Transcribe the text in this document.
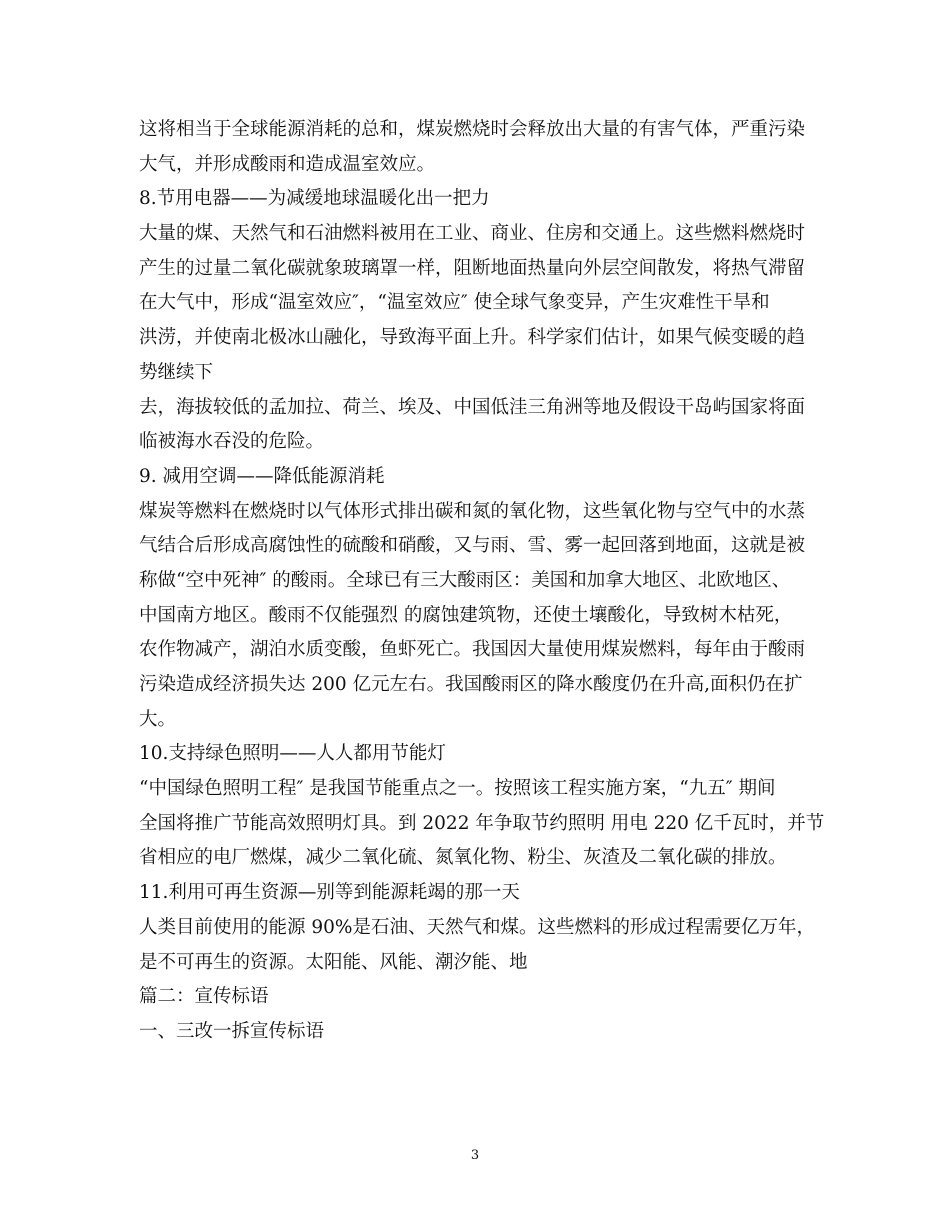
这将相当于全球能源消耗的总和，煤炭燃烧时会释放出大量的有害气体，严重污染
大气，并形成酸雨和造成温室效应。
8.节用电器——为减缓地球温暖化出一把力
大量的煤、天然气和石油燃料被用在工业、商业、住房和交通上。这些燃料燃烧时
产生的过量二氧化碳就象玻璃罩一样，阻断地面热量向外层空间散发，将热气滞留
在大气中，形成“温室效应″，“温室效应″ 使全球气象变异，产生灾难性干旱和
洪涝，并使南北极冰山融化，导致海平面上升。科学家们估计，如果气候变暖的趋
势继续下
去，海拔较低的孟加拉、荷兰、埃及、中国低洼三角洲等地及假设干岛屿国家将面
临被海水吞没的危险。
9. 减用空调——降低能源消耗
煤炭等燃料在燃烧时以气体形式排出碳和氮的氧化物，这些氧化物与空气中的水蒸
气结合后形成高腐蚀性的硫酸和硝酸，又与雨、雪、雾一起回落到地面，这就是被
称做“空中死神″ 的酸雨。全球已有三大酸雨区：美国和加拿大地区、北欧地区、
中国南方地区。酸雨不仅能强烈 的腐蚀建筑物，还使土壤酸化，导致树木枯死，
农作物减产，湖泊水质变酸，鱼虾死亡。我国因大量使用煤炭燃料，每年由于酸雨
污染造成经济损失达 200 亿元左右。我国酸雨区的降水酸度仍在升高,面积仍在扩
大。
10.支持绿色照明——人人都用节能灯
“中国绿色照明工程″ 是我国节能重点之一。按照该工程实施方案，“九五″ 期间
全国将推广节能高效照明灯具。到 2022 年争取节约照明 用电 220 亿千瓦时，并节
省相应的电厂燃煤，减少二氧化硫、氮氧化物、粉尘、灰渣及二氧化碳的排放。
11.利用可再生资源—别等到能源耗竭的那一天
人类目前使用的能源 90%是石油、天然气和煤。这些燃料的形成过程需要亿万年，
是不可再生的资源。太阳能、风能、潮汐能、地
篇二：宣传标语
一、三改一拆宣传标语
3
